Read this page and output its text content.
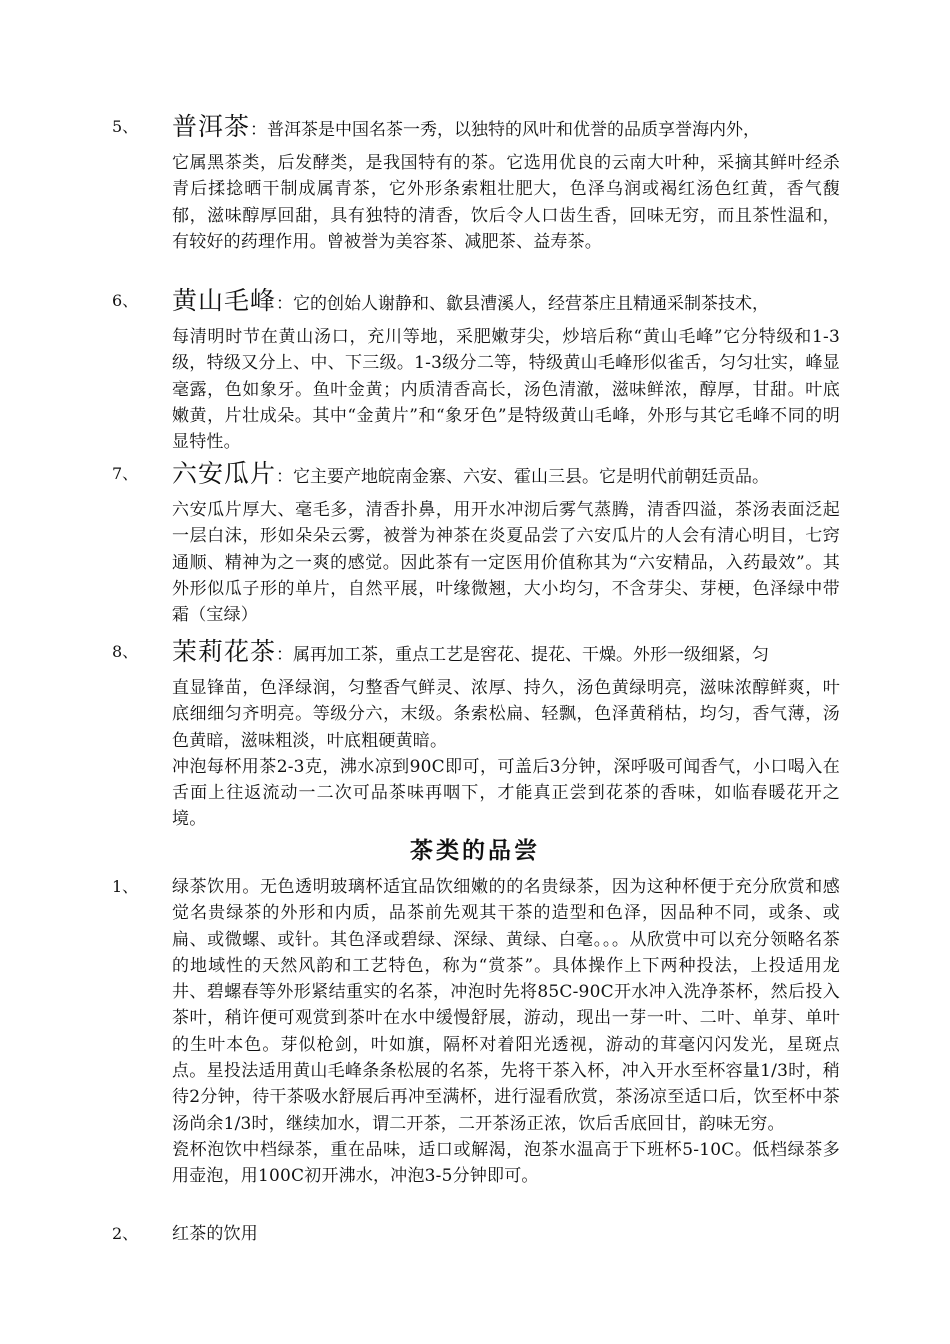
5、 普洱茶：普洱茶是中国名茶一秀，以独特的风叶和优誉的品质享誉海内外，

它属黑茶类，后发酵类，是我国特有的茶。它选用优良的云南大叶种，采摘其鲜叶经杀青后揉捻晒干制成属青茶，它外形条索粗壮肥大，色泽乌润或褐红汤色红黄，香气馥郁，滋味醇厚回甜，具有独特的清香，饮后令人口齿生香，回味无穷，而且茶性温和，有较好的药理作用。曾被誉为美容茶、减肥茶、益寿茶。

6、 黄山毛峰：它的创始人谢静和、歙县漕溪人，经营茶庄且精通采制茶技术，

每清明时节在黄山汤口，充川等地，采肥嫩芽尖，炒培后称“黄山毛峰”它分特级和1-3级，特级又分上、中、下三级。1-3级分二等，特级黄山毛峰形似雀舌，匀匀壮实，峰显毫露，色如象牙。鱼叶金黄；内质清香高长，汤色清澈，滋味鲜浓，醇厚，甘甜。叶底嫩黄，片壮成朵。其中“金黄片”和“象牙色”是特级黄山毛峰，外形与其它毛峰不同的明显特性。

7、 六安瓜片：它主要产地皖南金寨、六安、霍山三县。它是明代前朝廷贡品。

六安瓜片厚大、毫毛多，清香扑鼻，用开水冲沏后雾气蒸腾，清香四溢，茶汤表面泛起一层白沫，形如朵朵云雾，被誉为神茶在炎夏品尝了六安瓜片的人会有清心明目，七窍通顺、精神为之一爽的感觉。因此茶有一定医用价值称其为“六安精品，入药最效”。其外形似瓜子形的单片，自然平展，叶缘微翘，大小均匀，不含芽尖、芽梗，色泽绿中带霜（宝绿）

8、 茉莉花茶：属再加工茶，重点工艺是窖花、提花、干燥。外形一级细紧，匀

直显锋苗，色泽绿润，匀整香气鲜灵、浓厚、持久，汤色黄绿明亮，滋味浓醇鲜爽，叶底细细匀齐明亮。等级分六，末级。条索松扁、轻飘，色泽黄稍枯，均匀，香气薄，汤色黄暗，滋味粗淡，叶底粗硬黄暗。

冲泡每杯用茶2-3克，沸水凉到90C即可，可盖后3分钟，深呼吸可闻香气，小口喝入在舌面上往返流动一二次可品茶味再咽下，才能真正尝到花茶的香味，如临春暖花开之境。

茶类的品尝
1、 绿茶饮用。无色透明玻璃杯适宜品饮细嫩的的名贵绿茶，因为这种杯便于充分欣赏和感觉名贵绿茶的外形和内质，品茶前先观其干茶的造型和色泽，因品种不同，或条、或扁、或微螺、或针。其色泽或碧绿、深绿、黄绿、白毫。。。从欣赏中可以充分领略名茶的地域性的天然风韵和工艺特色，称为“赏茶”。具体操作上下两种投法，上投适用龙井、碧螺春等外形紧结重实的名茶，冲泡时先将85C-90C开水冲入洗净茶杯，然后投入茶叶，稍许便可观赏到茶叶在水中缓慢舒展，游动，现出一芽一叶、二叶、单芽、单叶的生叶本色。芽似枪剑，叶如旗，隔杯对着阳光透视，游动的茸毫闪闪发光，星斑点点。星投法适用黄山毛峰条条松展的名茶，先将干茶入杯，冲入开水至杯容量1/3时，稍待2分钟，待干茶吸水舒展后再冲至满杯，进行湿看欣赏，茶汤凉至适口后，饮至杯中茶汤尚余1/3时，继续加水，谓二开茶，二开茶汤正浓，饮后舌底回甘，韵味无穷。

瓷杯泡饮中档绿茶，重在品味，适口或解渴，泡茶水温高于下班杯5-10C。低档绿茶多用壶泡，用100C初开沸水，冲泡3-5分钟即可。

2、 红茶的饮用
